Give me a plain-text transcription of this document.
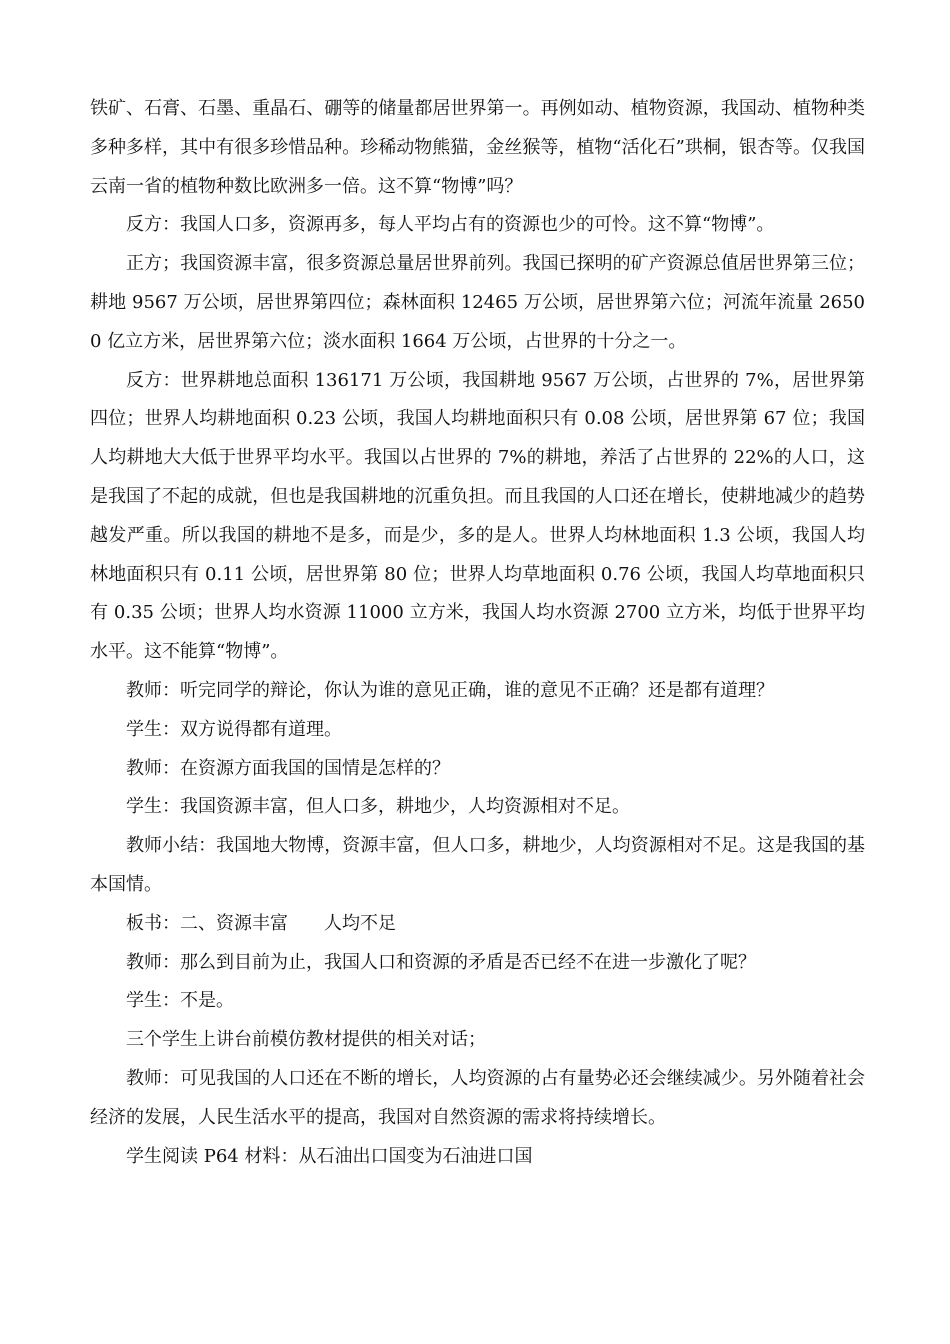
铁矿、石膏、石墨、重晶石、硼等的储量都居世界第一。再例如动、植物资源，我国动、植物种类多种多样，其中有很多珍惜品种。珍稀动物熊猫，金丝猴等，植物“活化石”珙桐，银杏等。仅我国云南一省的植物种数比欧洲多一倍。这不算“物博”吗？

反方：我国人口多，资源再多，每人平均占有的资源也少的可怜。这不算“物博”。

正方；我国资源丰富，很多资源总量居世界前列。我国已探明的矿产资源总值居世界第三位；耕地 9567 万公顷，居世界第四位；森林面积 12465 万公顷，居世界第六位；河流年流量 26500 亿立方米，居世界第六位；淡水面积 1664 万公顷，占世界的十分之一。

反方：世界耕地总面积 136171 万公顷，我国耕地 9567 万公顷，占世界的 7%，居世界第四位；世界人均耕地面积 0.23 公顷，我国人均耕地面积只有 0.08 公顷，居世界第 67 位；我国人均耕地大大低于世界平均水平。我国以占世界的 7%的耕地，养活了占世界的 22%的人口，这是我国了不起的成就，但也是我国耕地的沉重负担。而且我国的人口还在增长，使耕地减少的趋势越发严重。所以我国的耕地不是多，而是少，多的是人。世界人均林地面积 1.3 公顷，我国人均林地面积只有 0.11 公顷，居世界第 80 位；世界人均草地面积 0.76 公顷，我国人均草地面积只有 0.35 公顷；世界人均水资源 11000 立方米，我国人均水资源 2700 立方米，均低于世界平均水平。这不能算“物博”。

教师：听完同学的辩论，你认为谁的意见正确，谁的意见不正确？还是都有道理？

学生：双方说得都有道理。

教师：在资源方面我国的国情是怎样的？

学生：我国资源丰富，但人口多，耕地少，人均资源相对不足。

教师小结：我国地大物博，资源丰富，但人口多，耕地少，人均资源相对不足。这是我国的基本国情。

板书：二、资源丰富 人均不足

教师：那么到目前为止，我国人口和资源的矛盾是否已经不在进一步激化了呢？

学生：不是。

三个学生上讲台前模仿教材提供的相关对话；

教师：可见我国的人口还在不断的增长，人均资源的占有量势必还会继续减少。另外随着社会经济的发展，人民生活水平的提高，我国对自然资源的需求将持续增长。

学生阅读 P64 材料：从石油出口国变为石油进口国
